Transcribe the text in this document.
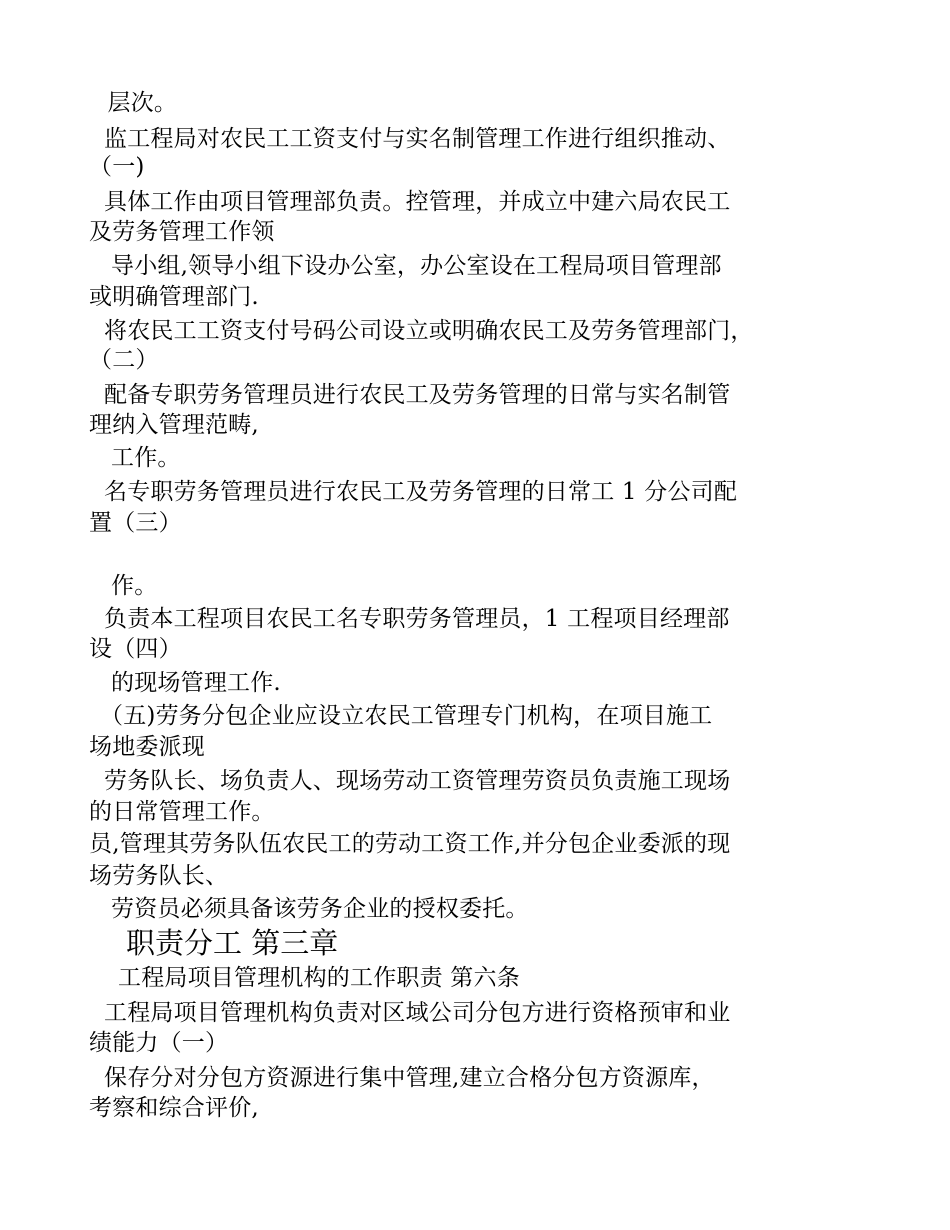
层次。
监工程局对农民工工资支付与实名制管理工作进行组织推动、
（一)
具体工作由项目管理部负责。控管理，并成立中建六局农民工
及劳务管理工作领
导小组,领导小组下设办公室，办公室设在工程局项目管理部
或明确管理部门.
将农民工工资支付号码公司设立或明确农民工及劳务管理部门，
（二）
配备专职劳务管理员进行农民工及劳务管理的日常与实名制管
理纳入管理范畴,
工作。
名专职劳务管理员进行农民工及劳务管理的日常工 1 分公司配
置（三）
作。
负责本工程项目农民工名专职劳务管理员，1 工程项目经理部
设（四）
的现场管理工作.
（五)劳务分包企业应设立农民工管理专门机构，在项目施工
场地委派现
劳务队长、场负责人、现场劳动工资管理劳资员负责施工现场
的日常管理工作。
员,管理其劳务队伍农民工的劳动工资工作,并分包企业委派的现
场劳务队长、
劳资员必须具备该劳务企业的授权委托。
职责分工 第三章
工程局项目管理机构的工作职责 第六条
工程局项目管理机构负责对区域公司分包方进行资格预审和业
绩能力（一）
保存分对分包方资源进行集中管理,建立合格分包方资源库，
考察和综合评价,
